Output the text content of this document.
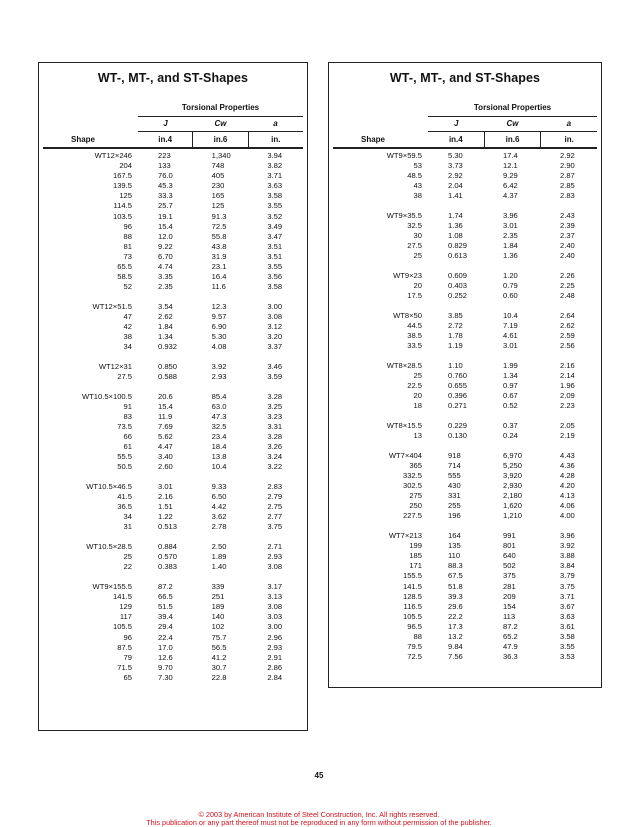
WT-, MT-, and ST-Shapes
Torsional Properties
J	Cw	a
Shape	in.4	in.6	in.
WT12×246	223	1,340	3.94
204	133	748	3.82
167.5	76.0	405	3.71
139.5	45.3	230	3.63
125	33.3	165	3.58
114.5	25.7	125	3.55
103.5	19.1	91.3	3.52
96	15.4	72.5	3.49
88	12.0	55.8	3.47
81	9.22	43.8	3.51
73	6.70	31.9	3.51
65.5	4.74	23.1	3.55
58.5	3.35	16.4	3.56
52	2.35	11.6	3.58
WT12×51.5	3.54	12.3	3.00
47	2.62	9.57	3.08
42	1.84	6.90	3.12
38	1.34	5.30	3.20
34	0.932	4.08	3.37
WT12×31	0.850	3.92	3.46
27.5	0.588	2.93	3.59
WT10.5×100.5	20.6	85.4	3.28
91	15.4	63.0	3.25
83	11.9	47.3	3.23
73.5	7.69	32.5	3.31
66	5.62	23.4	3.28
61	4.47	18.4	3.26
55.5	3.40	13.8	3.24
50.5	2.60	10.4	3.22
WT10.5×46.5	3.01	9.33	2.83
41.5	2.16	6.50	2.79
36.5	1.51	4.42	2.75
34	1.22	3.62	2.77
31	0.513	2.78	3.75
WT10.5×28.5	0.884	2.50	2.71
25	0.570	1.89	2.93
22	0.383	1.40	3.08
WT9×155.5	87.2	339	3.17
141.5	66.5	251	3.13
129	51.5	189	3.08
117	39.4	140	3.03
105.5	29.4	102	3.00
96	22.4	75.7	2.96
87.5	17.0	56.5	2.93
79	12.6	41.2	2.91
71.5	9.70	30.7	2.86
65	7.30	22.8	2.84
WT-, MT-, and ST-Shapes
Torsional Properties
J	Cw	a
Shape	in.4	in.6	in.
WT9×59.5	5.30	17.4	2.92
53	3.73	12.1	2.90
48.5	2.92	9.29	2.87
43	2.04	6.42	2.85
38	1.41	4.37	2.83
WT9×35.5	1.74	3.96	2.43
32.5	1.36	3.01	2.39
30	1.08	2.35	2.37
27.5	0.829	1.84	2.40
25	0.613	1.36	2.40
WT9×23	0.609	1.20	2.26
20	0.403	0.79	2.25
17.5	0.252	0.60	2.48
WT8×50	3.85	10.4	2.64
44.5	2.72	7.19	2.62
38.5	1.78	4.61	2.59
33.5	1.19	3.01	2.56
WT8×28.5	1.10	1.99	2.16
25	0.760	1.34	2.14
22.5	0.655	0.97	1.96
20	0.396	0.67	2.09
18	0.271	0.52	2.23
WT8×15.5	0.229	0.37	2.05
13	0.130	0.24	2.19
WT7×404	918	6,970	4.43
365	714	5,250	4.36
332.5	555	3,920	4.28
302.5	430	2,930	4.20
275	331	2,180	4.13
250	255	1,620	4.06
227.5	196	1,210	4.00
WT7×213	164	991	3.96
199	135	801	3.92
185	110	640	3.88
171	88.3	502	3.84
155.5	67.5	375	3.79
141.5	51.8	281	3.75
128.5	39.3	209	3.71
116.5	29.6	154	3.67
105.5	22.2	113	3.63
96.5	17.3	87.2	3.61
88	13.2	65.2	3.58
79.5	9.84	47.9	3.55
72.5	7.56	36.3	3.53
45
© 2003 by American Institute of Steel Construction, Inc. All rights reserved.
This publication or any part thereof must not be reproduced in any form without permission of the publisher.
